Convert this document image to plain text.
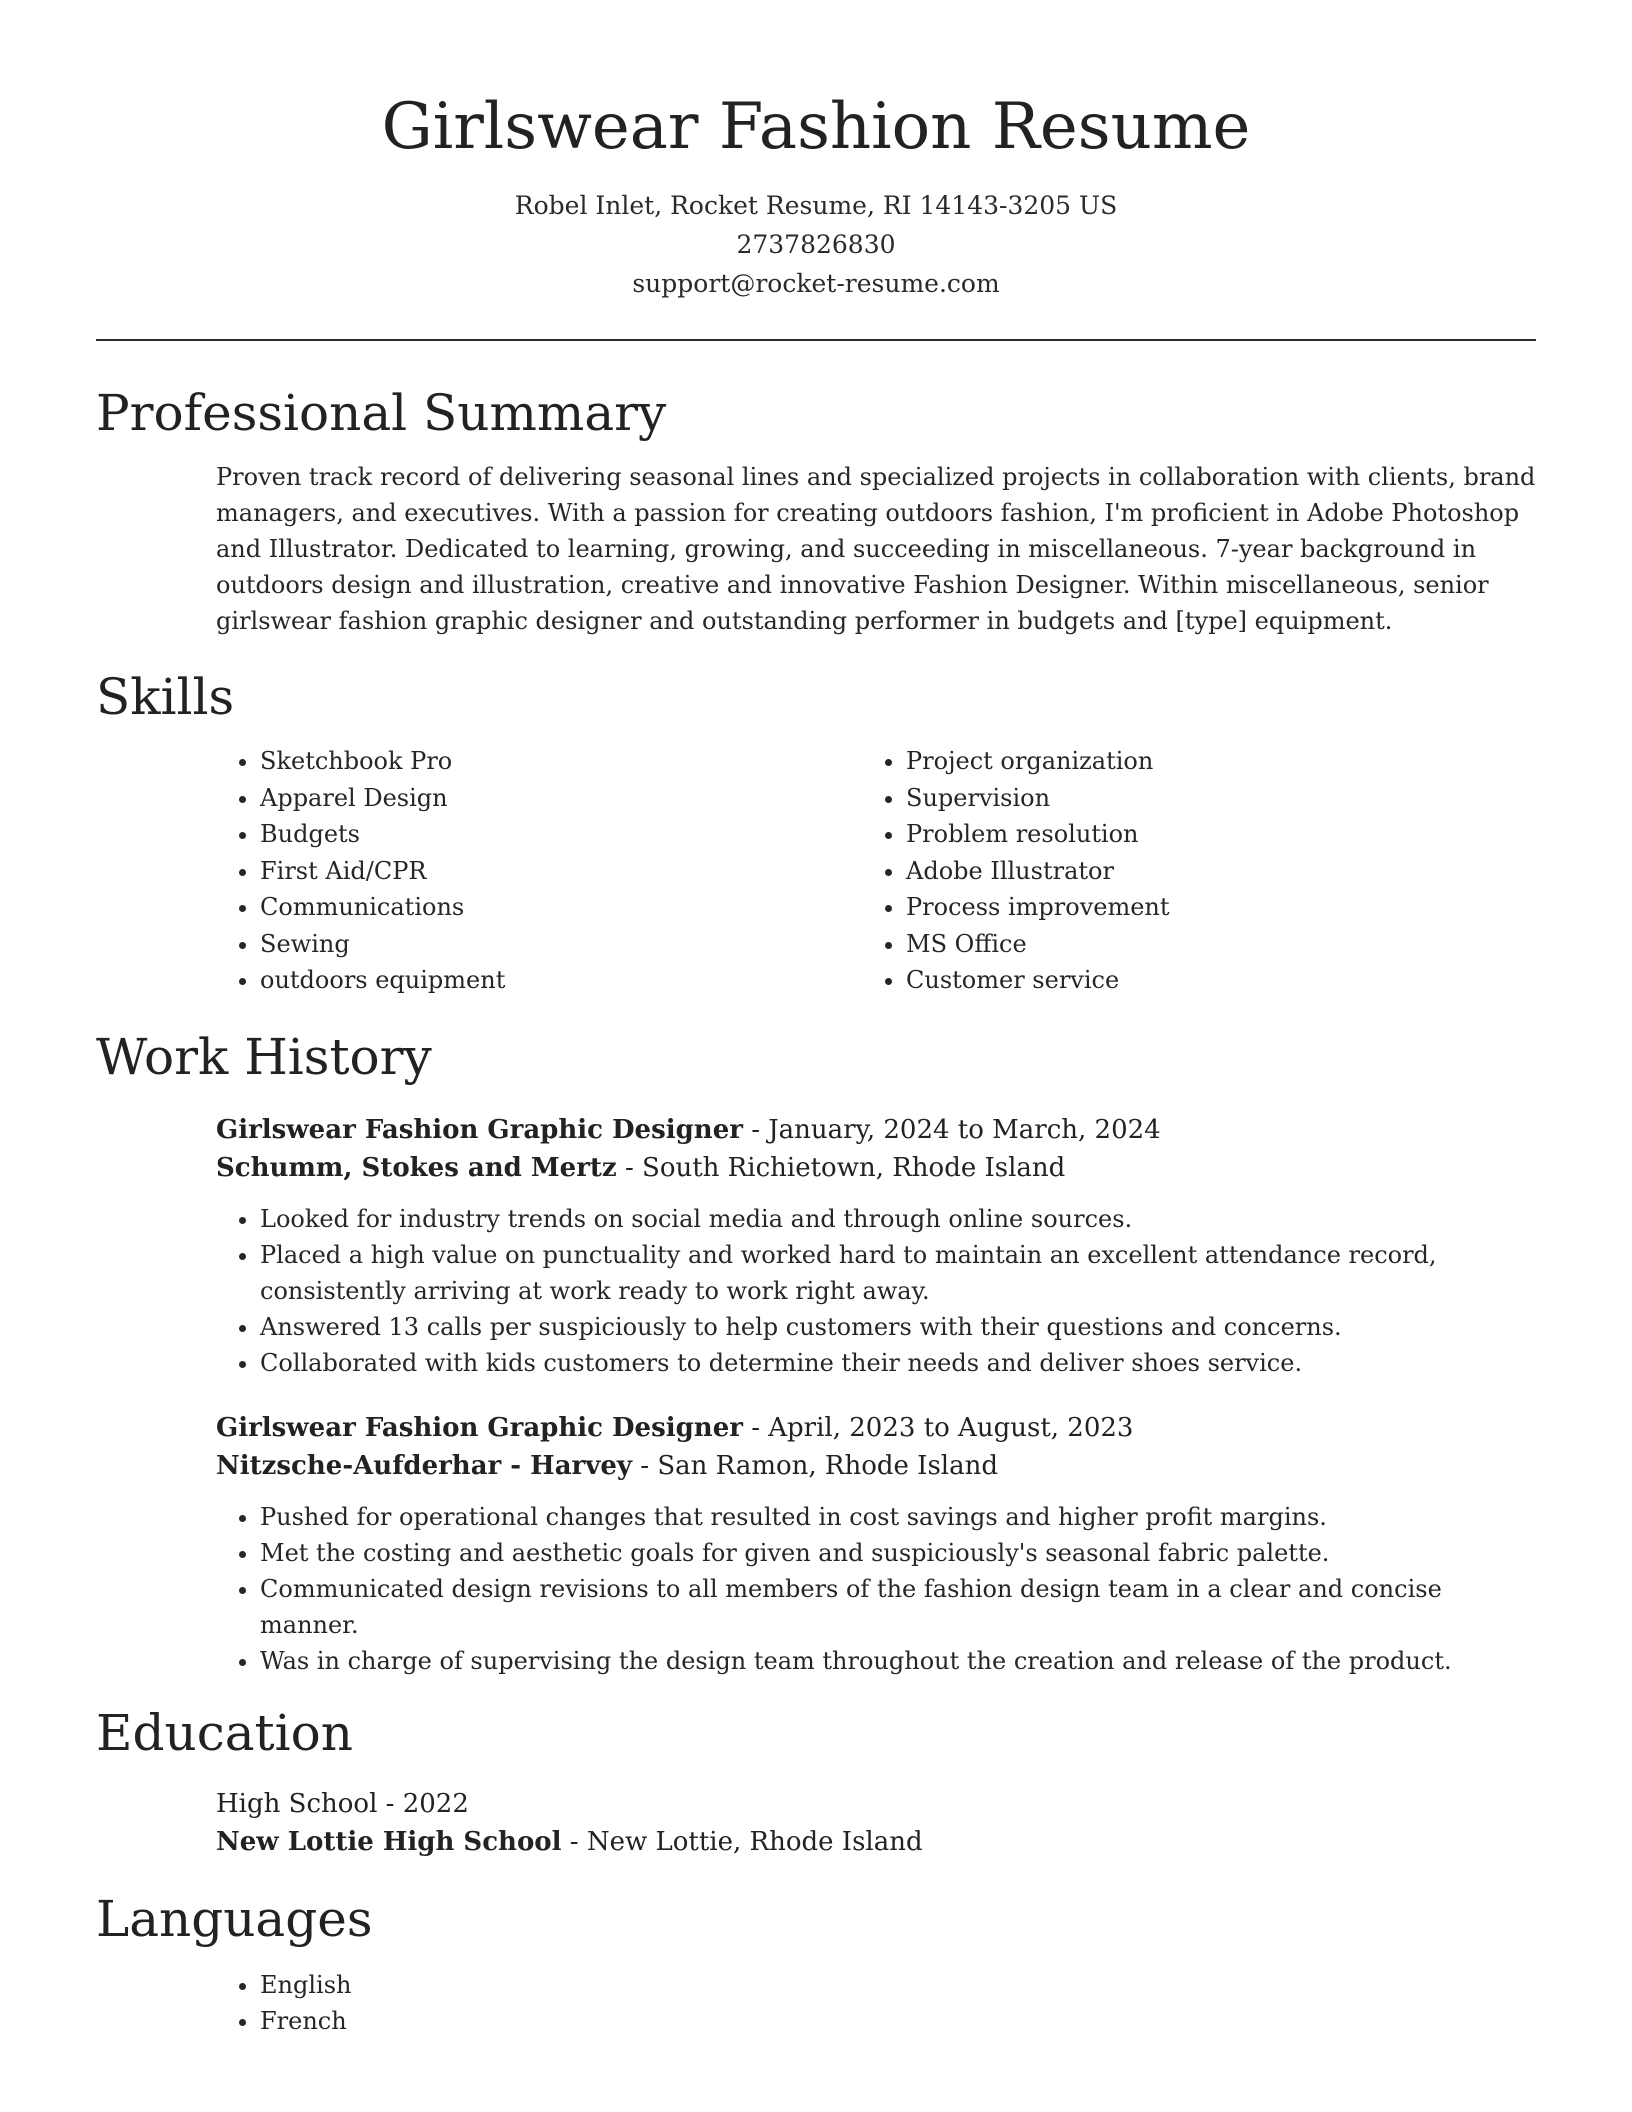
Girlswear Fashion Resume
Robel Inlet, Rocket Resume, RI 14143-3205 US
2737826830
support@rocket-resume.com
Professional Summary

Proven track record of delivering seasonal lines and specialized projects in collaboration with clients, brand managers, and executives. With a passion for creating outdoors fashion, I'm proficient in Adobe Photoshop and Illustrator. Dedicated to learning, growing, and succeeding in miscellaneous. 7-year background in outdoors design and illustration, creative and innovative Fashion Designer. Within miscellaneous, senior girlswear fashion graphic designer and outstanding performer in budgets and [type] equipment.

Skills
• Sketchbook Pro
• Apparel Design
• Budgets
• First Aid/CPR
• Communications
• Sewing
• outdoors equipment
• Project organization
• Supervision
• Problem resolution
• Adobe Illustrator
• Process improvement
• MS Office
• Customer service
Work History
Girlswear Fashion Graphic Designer - January, 2024 to March, 2024
Schumm, Stokes and Mertz - South Richietown, Rhode Island
• Looked for industry trends on social media and through online sources.
• Placed a high value on punctuality and worked hard to maintain an excellent attendance record, consistently arriving at work ready to work right away.
• Answered 13 calls per suspiciously to help customers with their questions and concerns.
• Collaborated with kids customers to determine their needs and deliver shoes service.
Girlswear Fashion Graphic Designer - April, 2023 to August, 2023
Nitzsche-Aufderhar - Harvey - San Ramon, Rhode Island
• Pushed for operational changes that resulted in cost savings and higher profit margins.
• Met the costing and aesthetic goals for given and suspiciously's seasonal fabric palette.
• Communicated design revisions to all members of the fashion design team in a clear and concise manner.
• Was in charge of supervising the design team throughout the creation and release of the product.
Education
High School - 2022
New Lottie High School - New Lottie, Rhode Island
Languages
• English
• French
